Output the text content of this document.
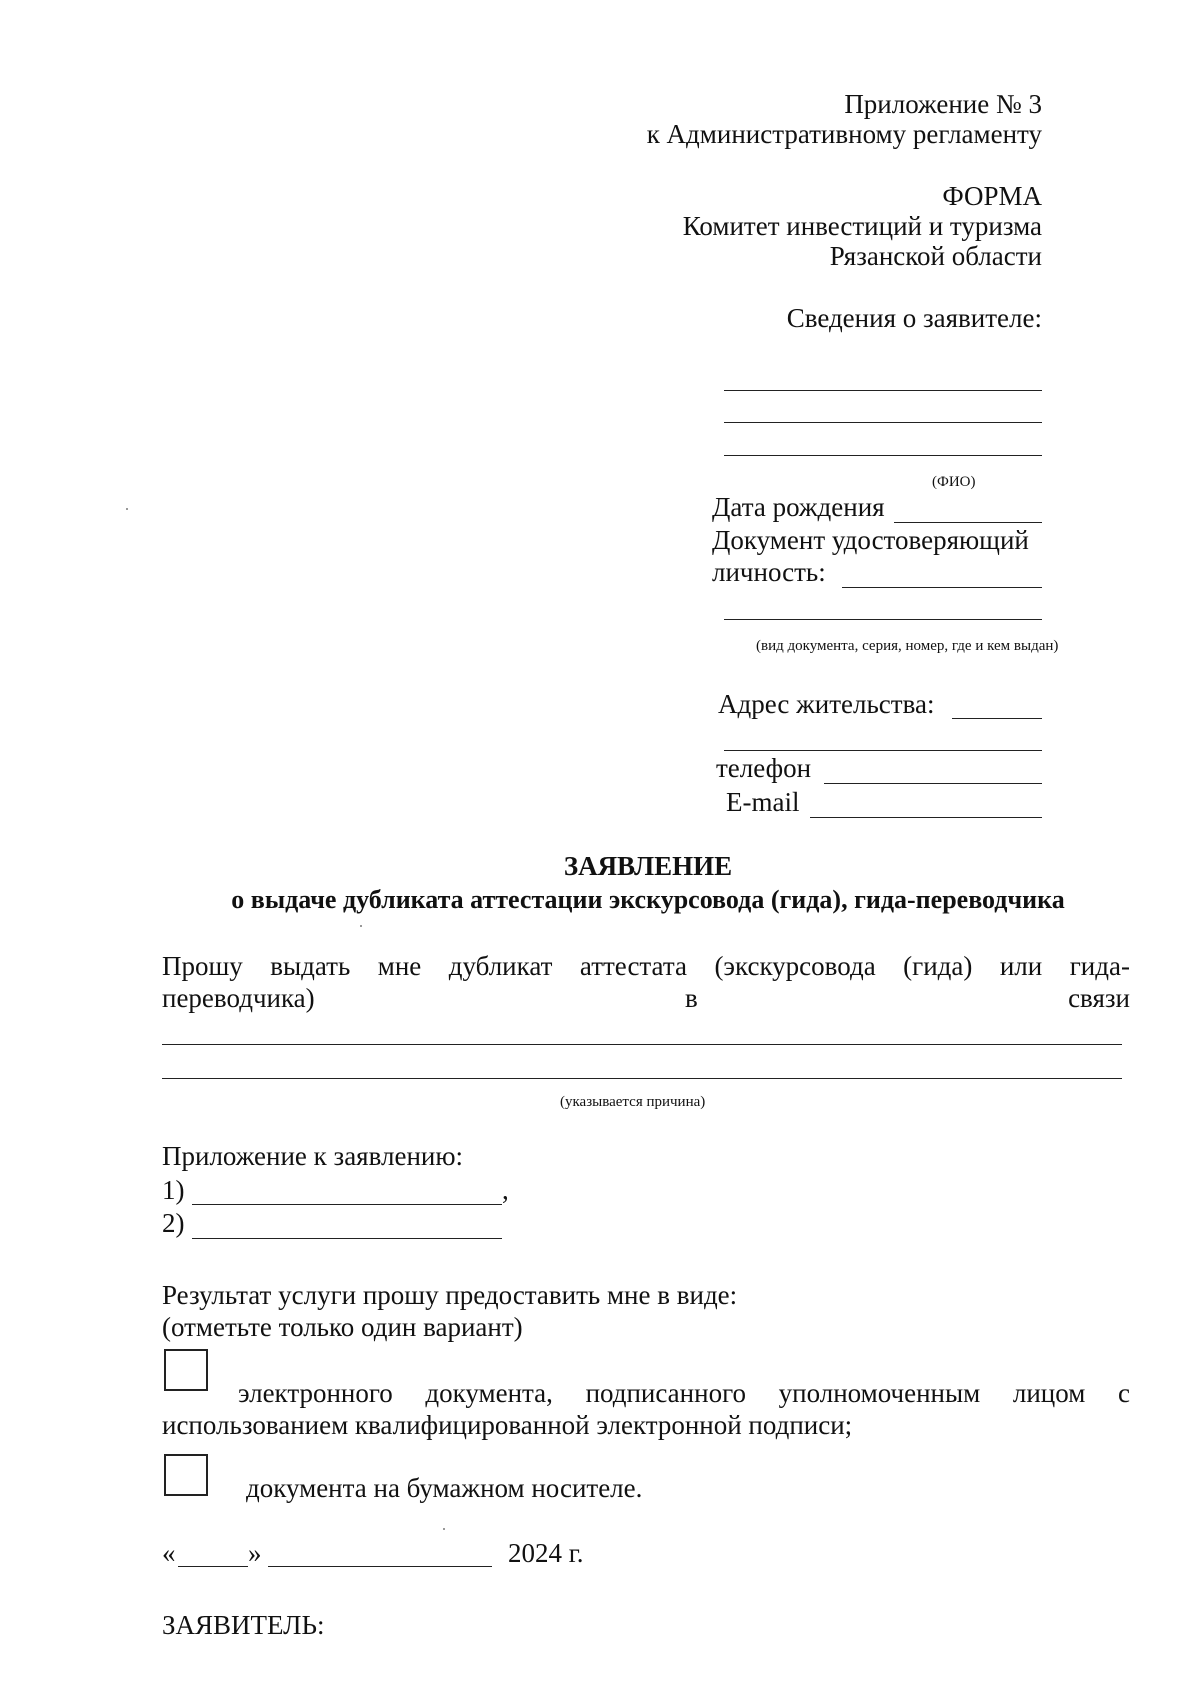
Приложение № 3
к Административному регламенту
ФОРМА
Комитет инвестиций и туризма
Рязанской области
Сведения о заявителе:
(ФИО)
Дата рождения
Документ удостоверяющий
личность:
(вид документа, серия, номер, где и кем выдан)
Адрес жительства:
телефон
E-mail
ЗАЯВЛЕНИЕ
о выдаче дубликата аттестации экскурсовода (гида), гида-переводчика
Прошу выдать мне дубликат аттестата (экскурсовода (гида) или гида-
переводчика)	в	связи
(указывается причина)
Приложение к заявлению:
1)	,
2)
Результат услуги прошу предоставить мне в виде:
(отметьте только один вариант)
электронного документа, подписанного уполномоченным лицом с
использованием квалифицированной электронной подписи;
документа на бумажном носителе.
«	»	2024 г.
ЗАЯВИТЕЛЬ:
